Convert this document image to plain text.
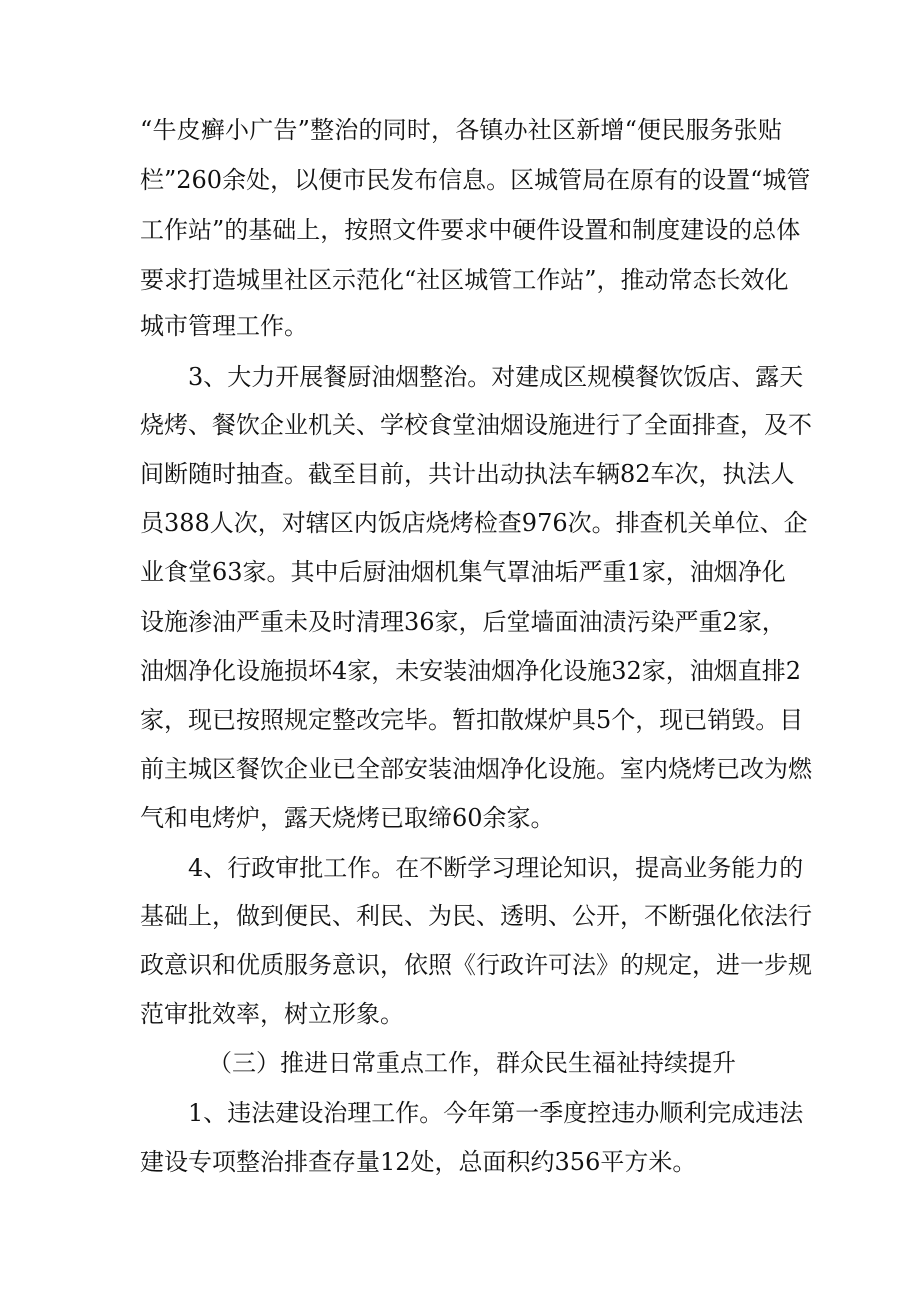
“牛皮癣小广告”整治的同时，各镇办社区新增“便民服务张贴
栏”260余处，以便市民发布信息。区城管局在原有的设置“城管
工作站”的基础上，按照文件要求中硬件设置和制度建设的总体
要求打造城里社区示范化“社区城管工作站”，推动常态长效化
城市管理工作。
3、大力开展餐厨油烟整治。对建成区规模餐饮饭店、露天
烧烤、餐饮企业机关、学校食堂油烟设施进行了全面排查，及不
间断随时抽查。截至目前，共计出动执法车辆82车次，执法人
员388人次，对辖区内饭店烧烤检查976次。排查机关单位、企
业食堂63家。其中后厨油烟机集气罩油垢严重1家，油烟净化
设施渗油严重未及时清理36家，后堂墙面油渍污染严重2家，
油烟净化设施损坏4家，未安装油烟净化设施32家，油烟直排2
家，现已按照规定整改完毕。暂扣散煤炉具5个，现已销毁。目
前主城区餐饮企业已全部安装油烟净化设施。室内烧烤已改为燃
气和电烤炉，露天烧烤已取缔60余家。
4、行政审批工作。在不断学习理论知识，提高业务能力的
基础上，做到便民、利民、为民、透明、公开，不断强化依法行
政意识和优质服务意识，依照《行政许可法》的规定，进一步规
范审批效率，树立形象。
（三）推进日常重点工作，群众民生福祉持续提升
1、违法建设治理工作。今年第一季度控违办顺利完成违法
建设专项整治排查存量12处，总面积约356平方米。
